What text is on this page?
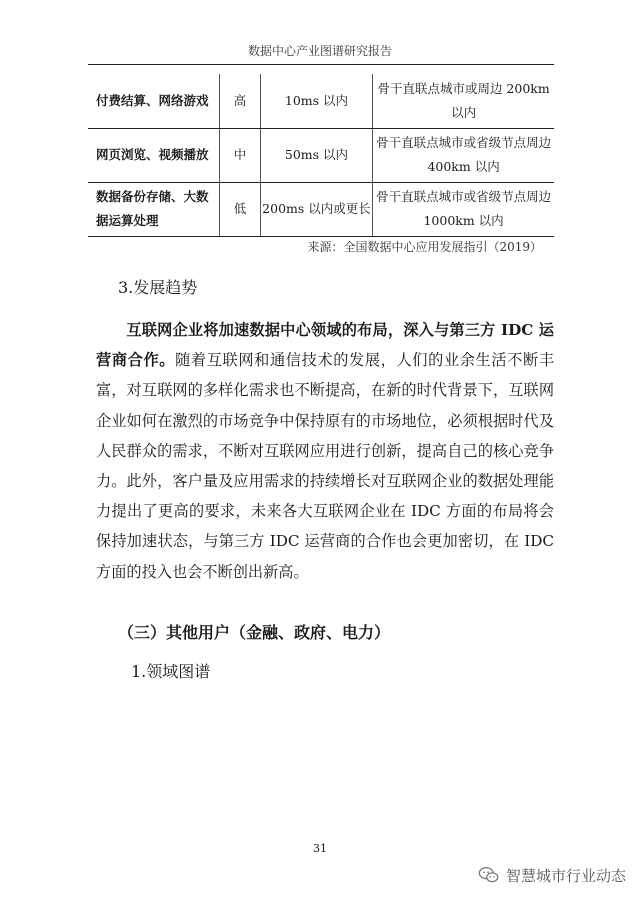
数据中心产业图谱研究报告
付费结算、网络游戏	高	10ms 以内	骨干直联点城市或周边 200km 以内
网页浏览、视频播放	中	50ms 以内	骨干直联点城市或省级节点周边 400km 以内
数据备份存储、大数据运算处理	低	200ms 以内或更长	骨干直联点城市或省级节点周边 1000km 以内
来源：全国数据中心应用发展指引（2019）
3.发展趋势
互联网企业将加速数据中心领域的布局，深入与第三方 IDC 运营商合作。随着互联网和通信技术的发展，人们的业余生活不断丰富，对互联网的多样化需求也不断提高，在新的时代背景下，互联网企业如何在激烈的市场竞争中保持原有的市场地位，必须根据时代及人民群众的需求，不断对互联网应用进行创新，提高自己的核心竞争力。此外，客户量及应用需求的持续增长对互联网企业的数据处理能力提出了更高的要求，未来各大互联网企业在 IDC 方面的布局将会保持加速状态，与第三方 IDC 运营商的合作也会更加密切，在 IDC 方面的投入也会不断创出新高。
（三）其他用户（金融、政府、电力）
1.领域图谱
31
智慧城市行业动态
